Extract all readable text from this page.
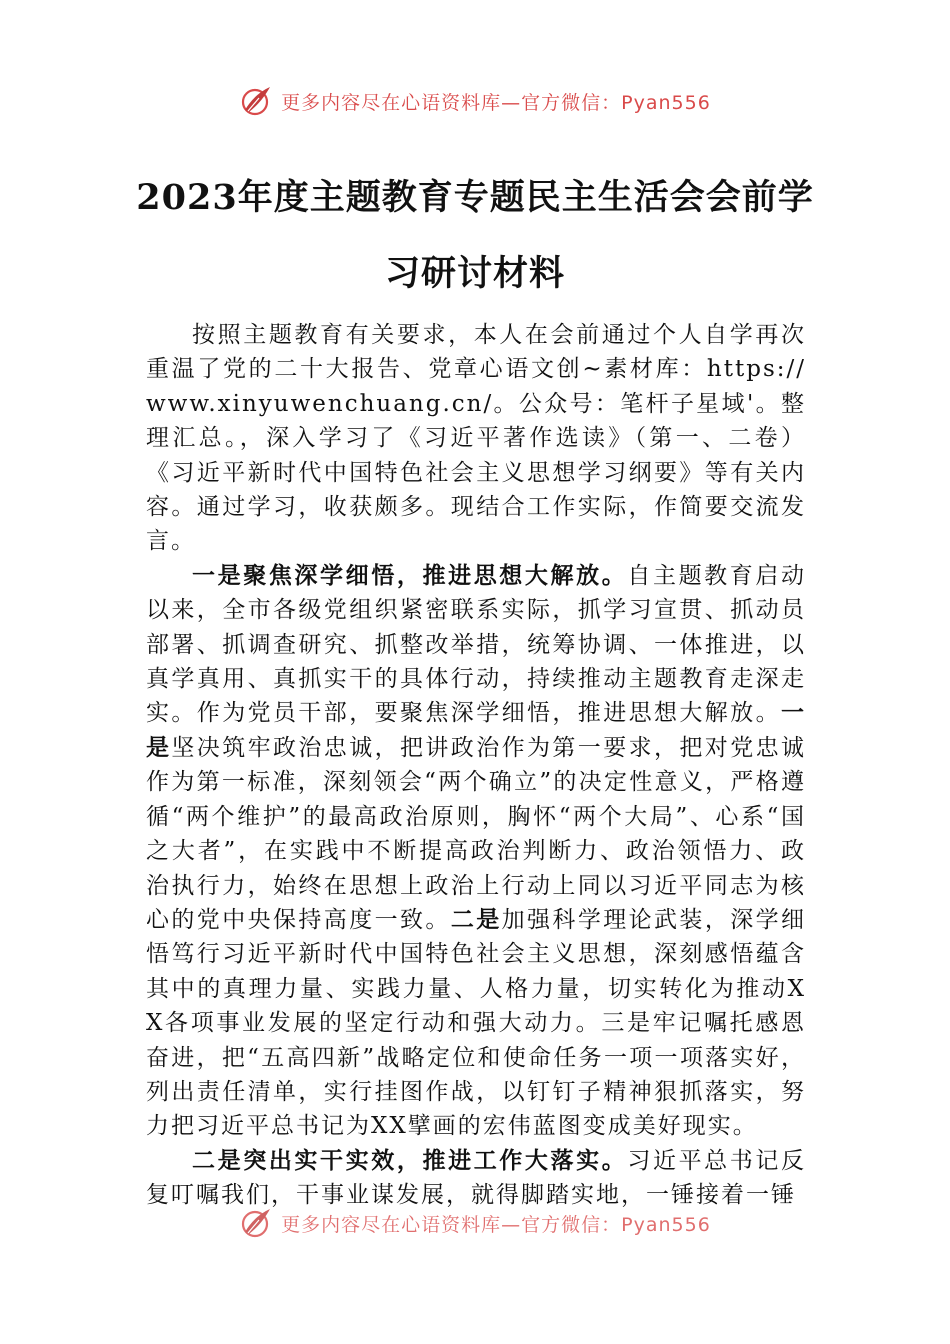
更多内容尽在心语资料库—官方微信：Pyan556
2023年度主题教育专题民主生活会会前学
习研讨材料

按照主题教育有关要求，本人在会前通过个人自学再次重温了党的二十大报告、党章心语文创~素材库：https://www.xinyuwenchuang.cn/。公众号：笔杆子星域'。整理汇总。，深入学习了《习近平著作选读》（第一、二卷）《习近平新时代中国特色社会主义思想学习纲要》等有关内容。通过学习，收获颇多。现结合工作实际，作简要交流发言。

一是聚焦深学细悟，推进思想大解放。自主题教育启动以来，全市各级党组织紧密联系实际，抓学习宣贯、抓动员部署、抓调查研究、抓整改举措，统筹协调、一体推进，以真学真用、真抓实干的具体行动，持续推动主题教育走深走实。作为党员干部，要聚焦深学细悟，推进思想大解放。一是坚决筑牢政治忠诚，把讲政治作为第一要求，把对党忠诚作为第一标准，深刻领会“两个确立”的决定性意义，严格遵循“两个维护”的最高政治原则，胸怀“两个大局”、心系“国之大者”，在实践中不断提高政治判断力、政治领悟力、政治执行力，始终在思想上政治上行动上同以习近平同志为核心的党中央保持高度一致。二是加强科学理论武装，深学细悟笃行习近平新时代中国特色社会主义思想，深刻感悟蕴含其中的真理力量、实践力量、人格力量，切实转化为推动XX各项事业发展的坚定行动和强大动力。三是牢记嘱托感恩奋进，把“五高四新”战略定位和使命任务一项一项落实好，列出责任清单，实行挂图作战，以钉钉子精神狠抓落实，努力把习近平总书记为XX擘画的宏伟蓝图变成美好现实。

二是突出实干实效，推进工作大落实。习近平总书记反复叮嘱我们，干事业谋发展，就得脚踏实地，一锤接着一锤

更多内容尽在心语资料库—官方微信：Pyan556
